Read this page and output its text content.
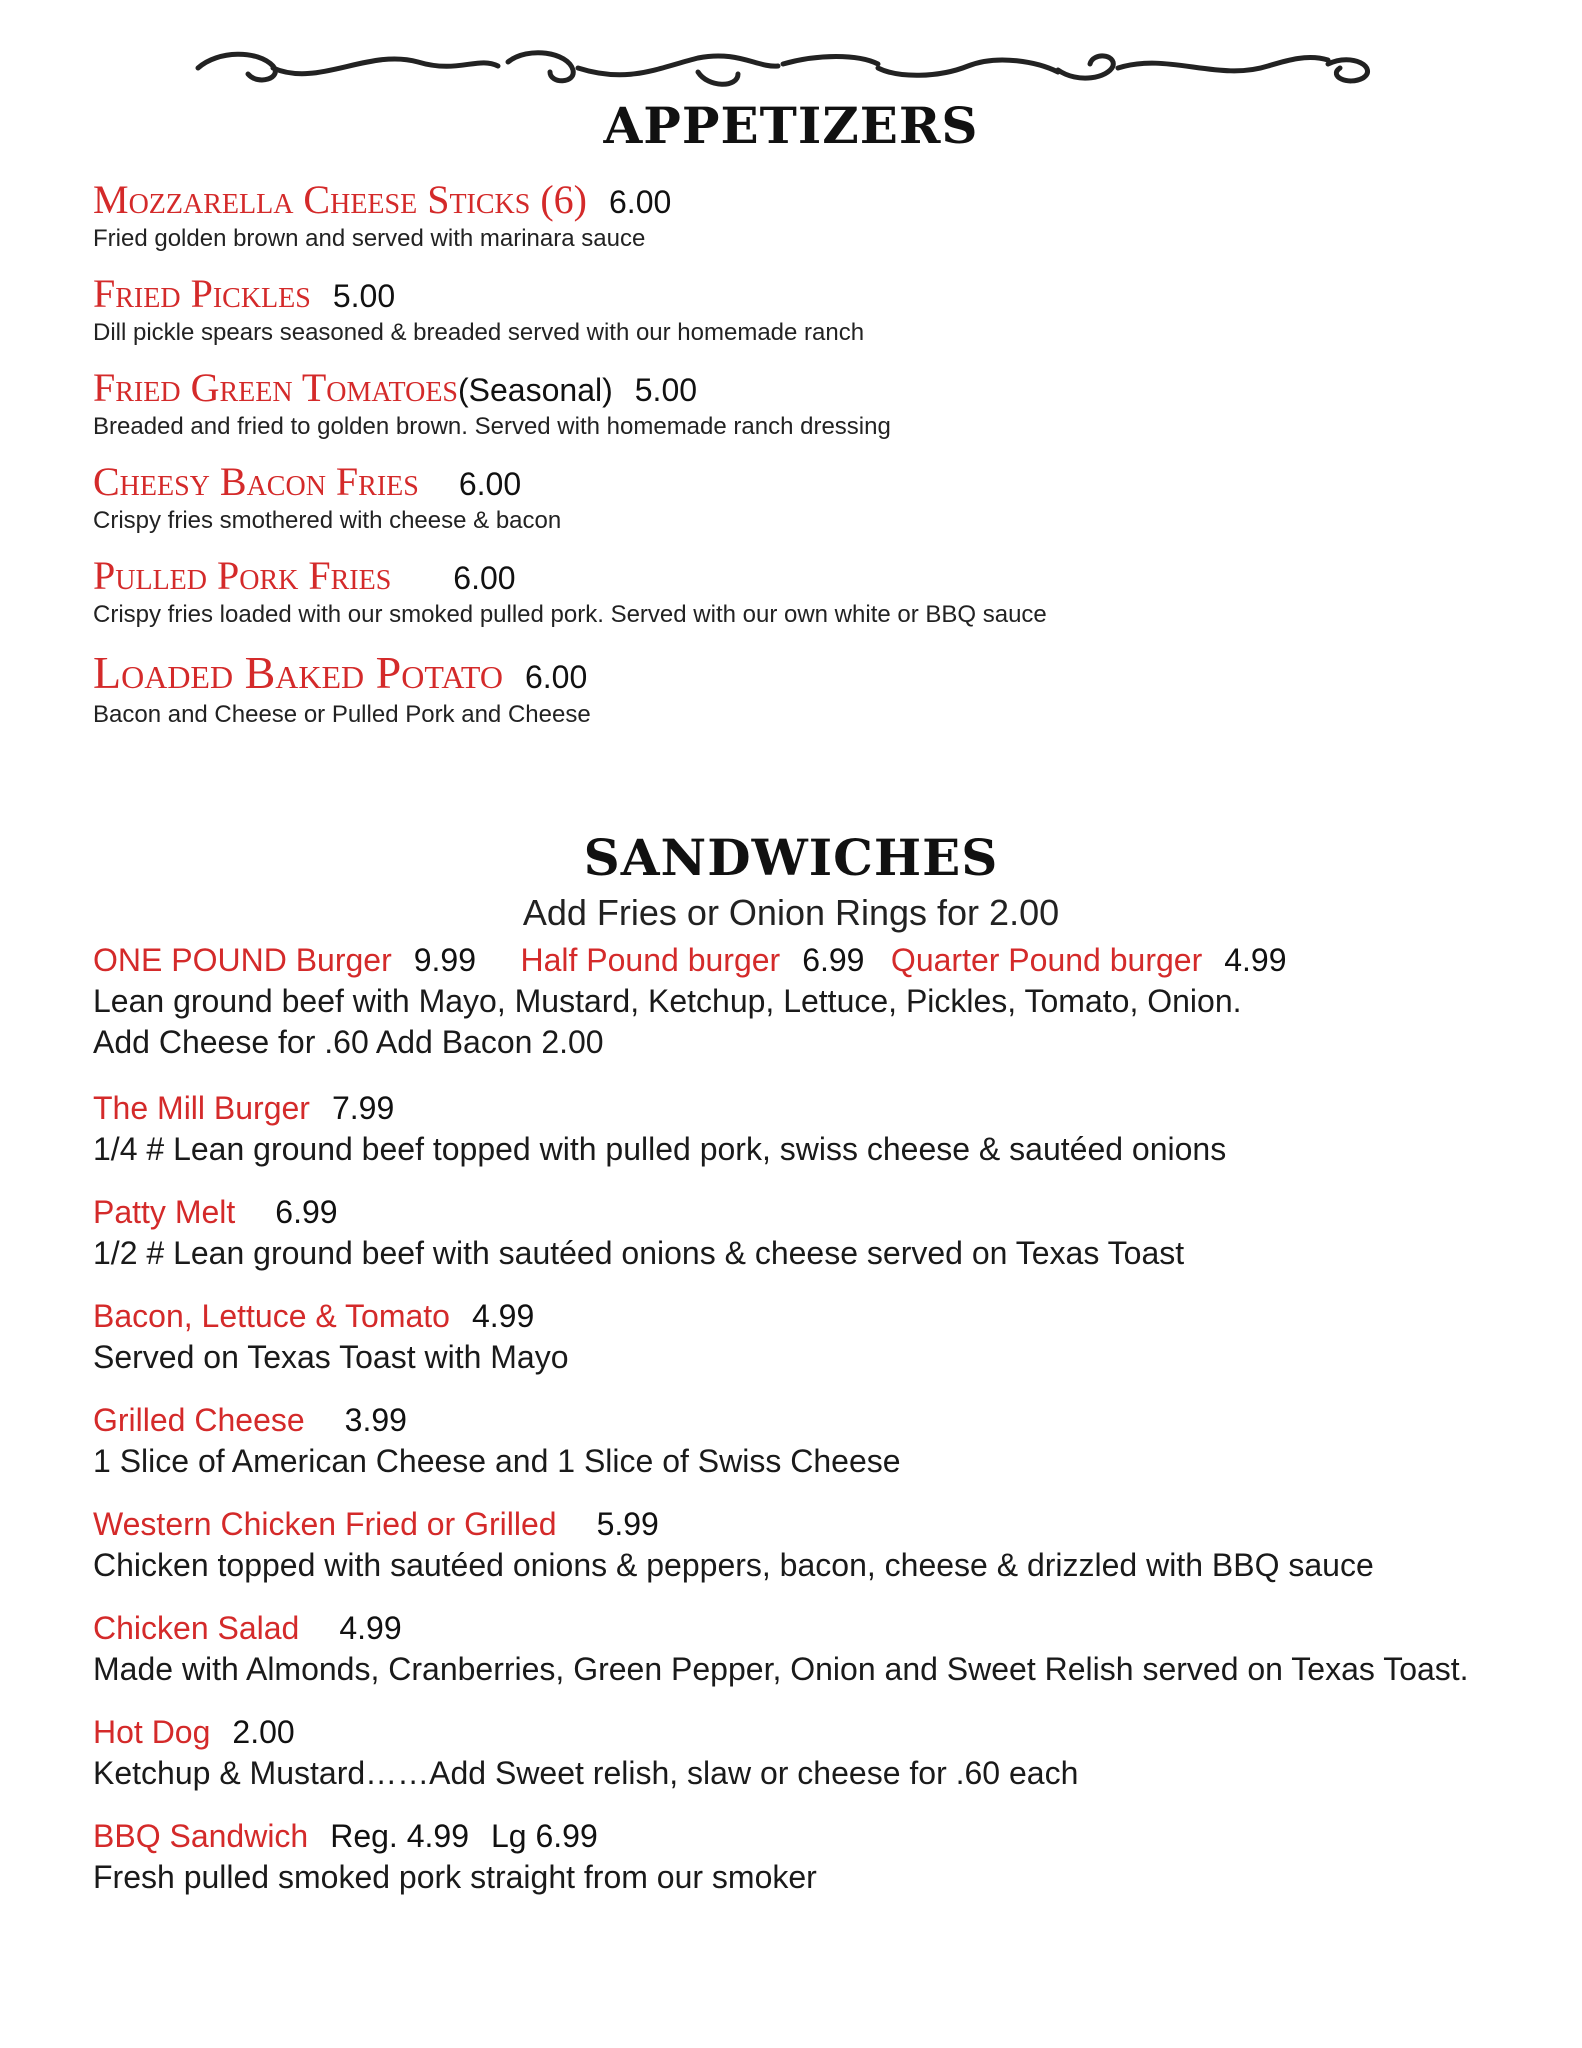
APPETIZERS
Mozzarella Cheese Sticks (6) 6.00
Fried golden brown and served with marinara sauce
Fried Pickles 5.00
Dill pickle spears seasoned & breaded served with our homemade ranch
Fried Green Tomatoes(Seasonal) 5.00
Breaded and fried to golden brown. Served with homemade ranch dressing
Cheesy Bacon Fries 6.00
Crispy fries smothered with cheese & bacon
Pulled Pork Fries 6.00
Crispy fries loaded with our smoked pulled pork. Served with our own white or BBQ sauce
Loaded Baked Potato 6.00
Bacon and Cheese or Pulled Pork and Cheese
SANDWICHES
Add Fries or Onion Rings for 2.00
ONE POUND Burger 9.99 Half Pound burger 6.99 Quarter Pound burger 4.99
Lean ground beef with Mayo, Mustard, Ketchup, Lettuce, Pickles, Tomato, Onion.
Add Cheese for .60 Add Bacon 2.00
The Mill Burger 7.99
1/4 # Lean ground beef topped with pulled pork, swiss cheese & sautéed onions
Patty Melt 6.99
1/2 # Lean ground beef with sautéed onions & cheese served on Texas Toast
Bacon, Lettuce & Tomato 4.99
Served on Texas Toast with Mayo
Grilled Cheese 3.99
1 Slice of American Cheese and 1 Slice of Swiss Cheese
Western Chicken Fried or Grilled 5.99
Chicken topped with sautéed onions & peppers, bacon, cheese & drizzled with BBQ sauce
Chicken Salad 4.99
Made with Almonds, Cranberries, Green Pepper, Onion and Sweet Relish served on Texas Toast.
Hot Dog 2.00
Ketchup & Mustard……Add Sweet relish, slaw or cheese for .60 each
BBQ Sandwich Reg. 4.99 Lg 6.99
Fresh pulled smoked pork straight from our smoker
